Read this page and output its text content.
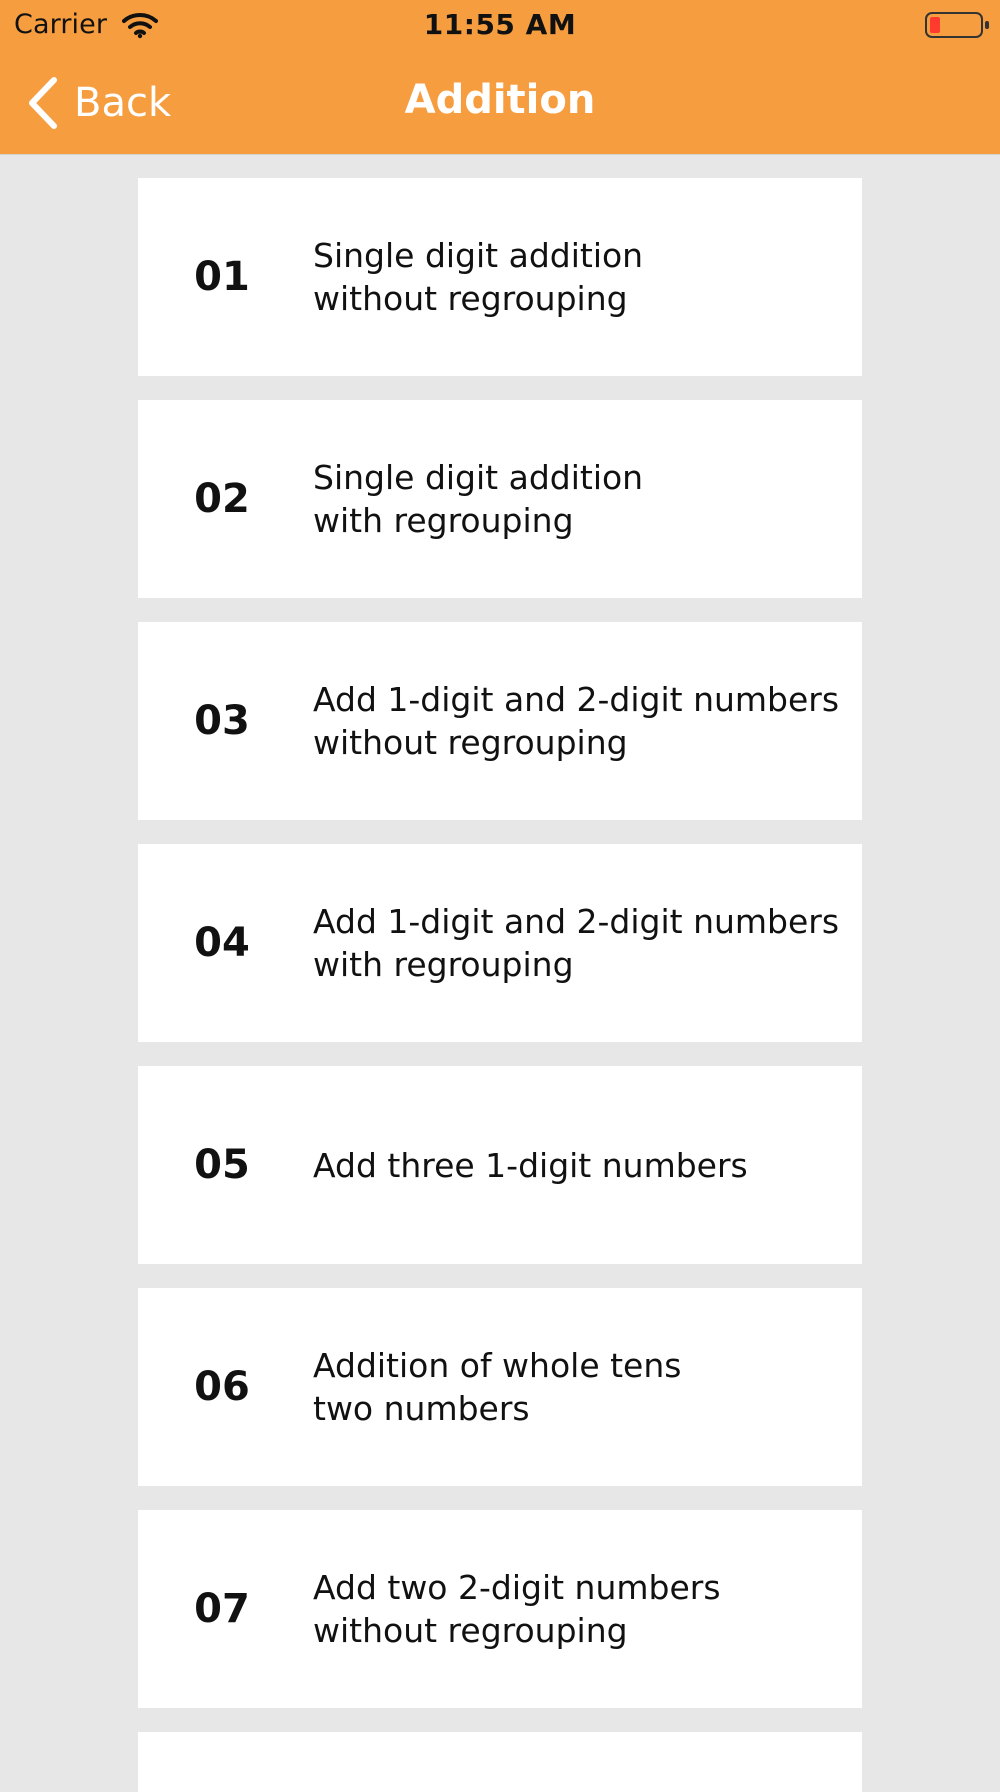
Carrier	11:55 AM
Back	Addition
01	Single digit addition
without regrouping
02	Single digit addition
with regrouping
03	Add 1-digit and 2-digit numbers
without regrouping
04	Add 1-digit and 2-digit numbers
with regrouping
05	Add three 1-digit numbers
06	Addition of whole tens
two numbers
07	Add two 2-digit numbers
without regrouping
